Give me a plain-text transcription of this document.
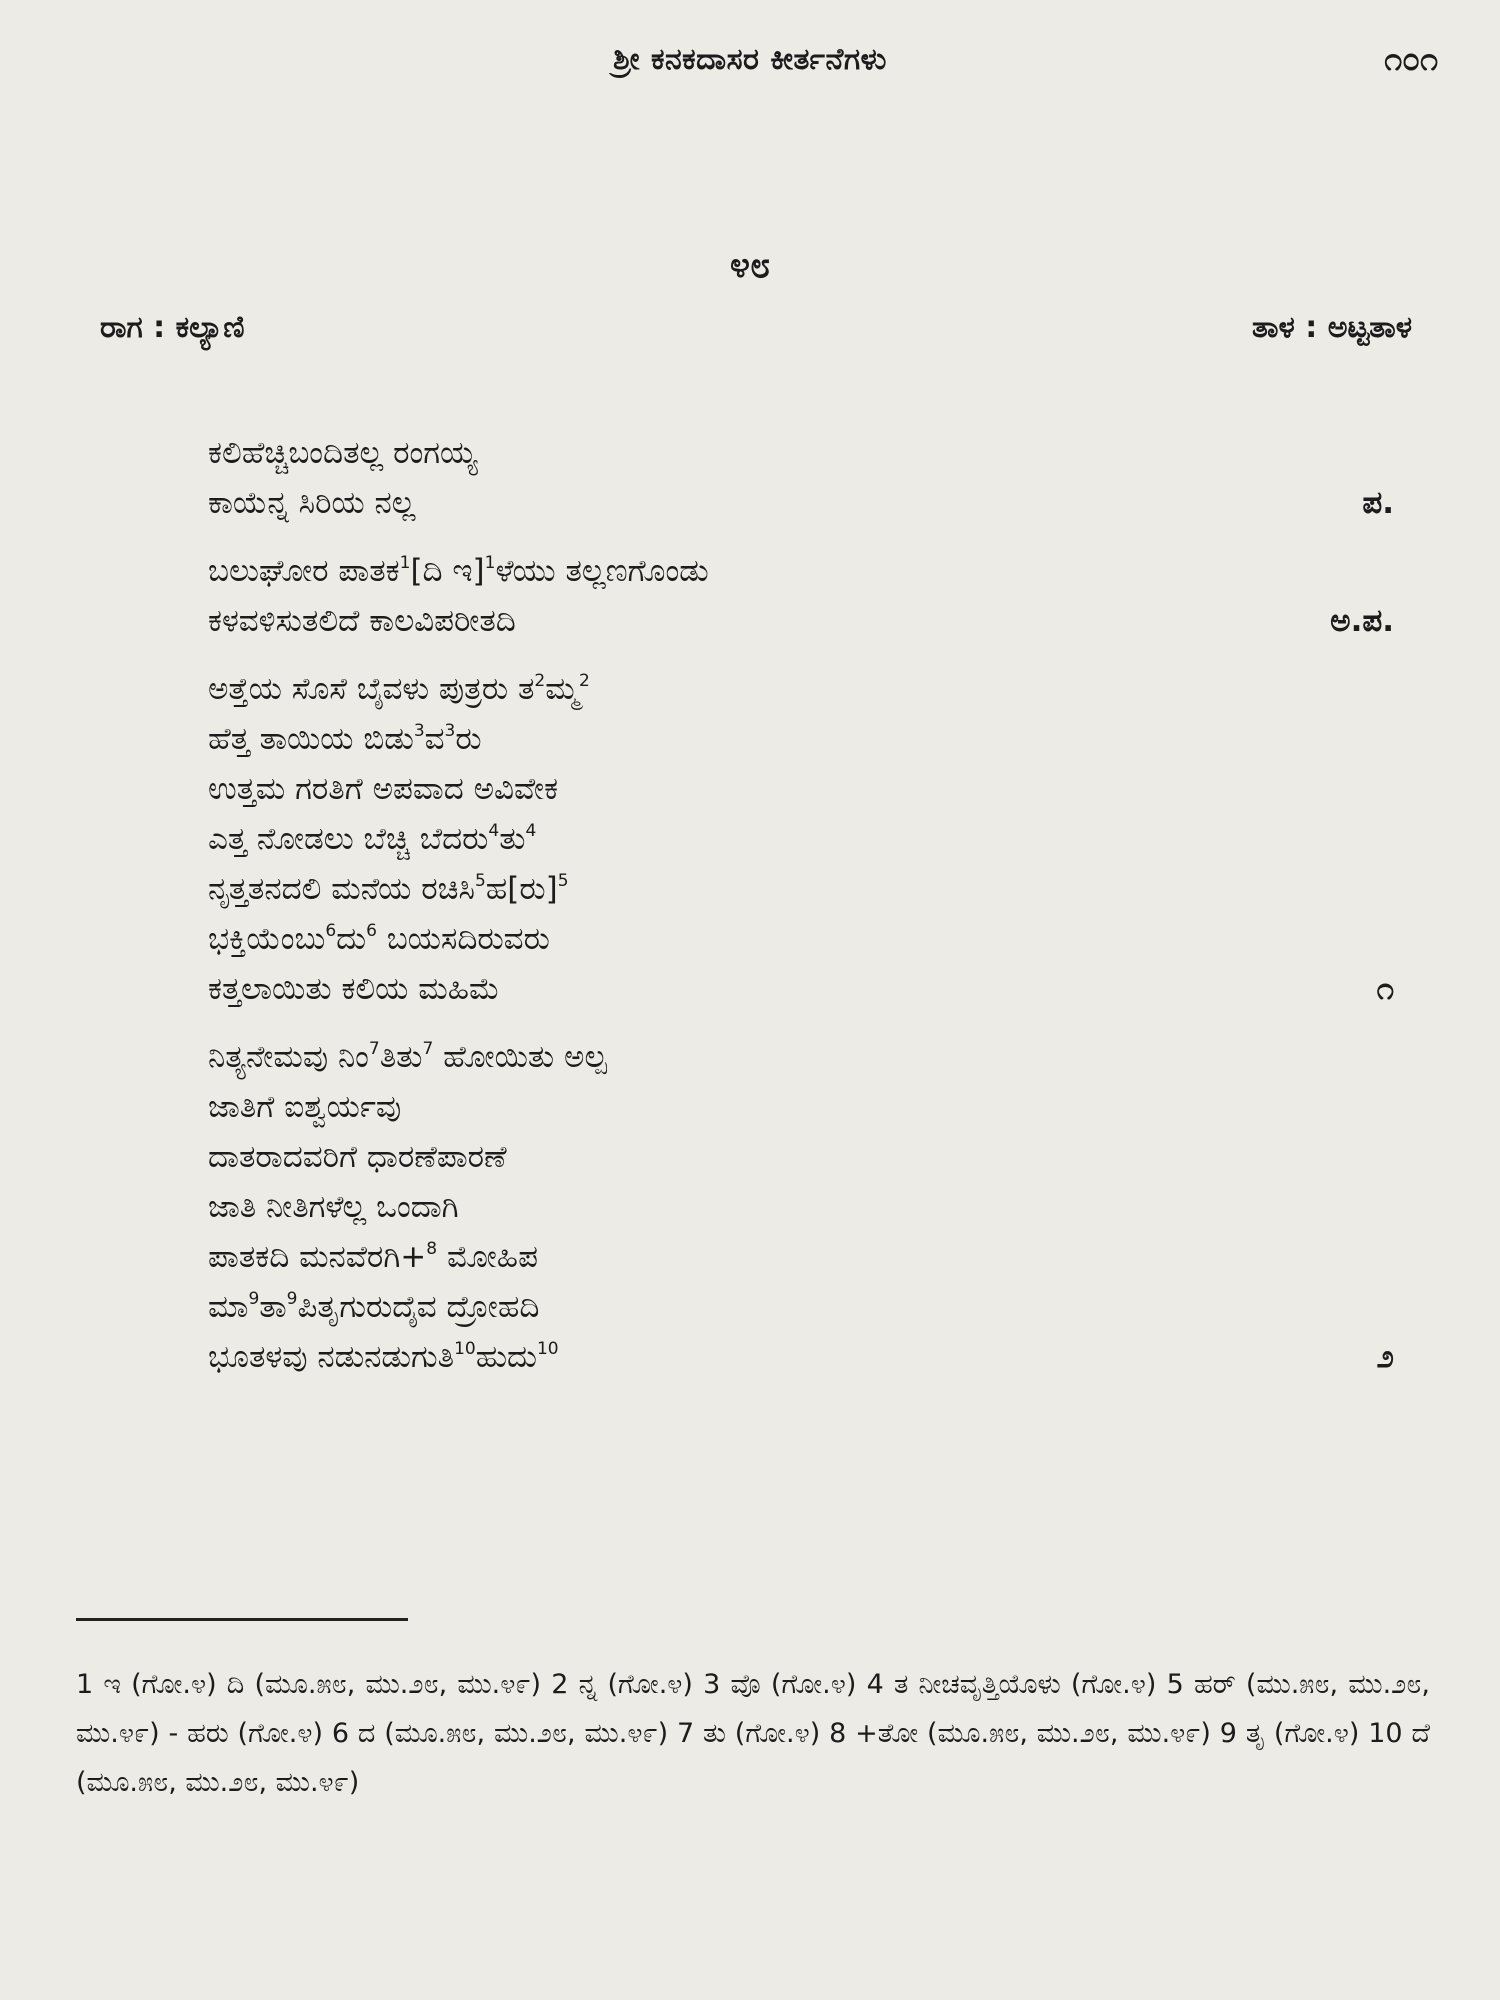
ಶ್ರೀ ಕನಕದಾಸರ ಕೀರ್ತನೆಗಳು	೧೦೧
೪೮
ರಾಗ : ಕಲ್ಯಾಣಿ	ತಾಳ : ಅಟ್ಟತಾಳ
ಕಲಿಹೆಚ್ಚಿಬಂದಿತಲ್ಲ ರಂಗಯ್ಯ
ಕಾಯೆನ್ನ ಸಿರಿಯ ನಲ್ಲ	ಪ.
ಬಲುಘೋರ ಪಾತಕ$^1$[ದಿ ಇ]$^1$ಳೆಯು ತಲ್ಲಣಗೊಂಡು
ಕಳವಳಿಸುತಲಿದೆ ಕಾಲವಿಪರೀತದಿ	ಅ.ಪ.
ಅತ್ತೆಯ ಸೊಸೆ ಬೈವಳು ಪುತ್ರರು ತ$^2$ಮ್ಮ$^2$
ಹೆತ್ತ ತಾಯಿಯ ಬಿಡು$^3$ವ$^3$ರು
ಉತ್ತಮ ಗರತಿಗೆ ಅಪವಾದ ಅವಿವೇಕ
ಎತ್ತ ನೋಡಲು ಬೆಚ್ಚಿ ಬೆದರು$^4$ತು$^4$
ನೃತ್ತತನದಲಿ ಮನೆಯ ರಚಿಸಿ$^5$ಹ[ರು]$^5$
ಭಕ್ತಿಯೆಂಬು$^6$ದು$^6$ ಬಯಸದಿರುವರು
ಕತ್ತಲಾಯಿತು ಕಲಿಯ ಮಹಿಮೆ	೧
ನಿತ್ಯನೇಮವು ನಿಂ$^7$ತಿತು$^7$ ಹೋಯಿತು ಅಲ್ಪ
ಜಾತಿಗೆ ಐಶ್ವರ್ಯವು
ದಾತರಾದವರಿಗೆ ಧಾರಣೆಪಾರಣೆ
ಜಾತಿ ನೀತಿಗಳೆಲ್ಲ ಒಂದಾಗಿ
ಪಾತಕದಿ ಮನವೆರಗಿ+$^8$ ಮೋಹಿಪ
ಮಾ$^9$ತಾ$^9$ಪಿತೃಗುರುದೈವ ದ್ರೋಹದಿ
ಭೂತಳವು ನಡುನಡುಗುತಿ$^{10}$ಹುದು$^{10}$	೨
1 ಇ (ಗೋ.೪) ದಿ (ಮೂ.೫೮, ಮು.೨೮, ಮು.೪೯) 2 ನ್ನ (ಗೋ.೪) 3 ವೊ (ಗೋ.೪) 4 ತ ನೀಚವೃತ್ತಿಯೊಳು (ಗೋ.೪) 5 ಹರ್ (ಮು.೫೮, ಮು.೨೮, ಮು.೪೯) - ಹರು (ಗೋ.೪) 6 ದ (ಮೂ.೫೮, ಮು.೨೮, ಮು.೪೯) 7 ತು (ಗೋ.೪) 8 +ತೋ (ಮೂ.೫೮, ಮು.೨೮, ಮು.೪೯) 9 ತೃ (ಗೋ.೪) 10 ದೆ (ಮೂ.೫೮, ಮು.೨೮, ಮು.೪೯)
